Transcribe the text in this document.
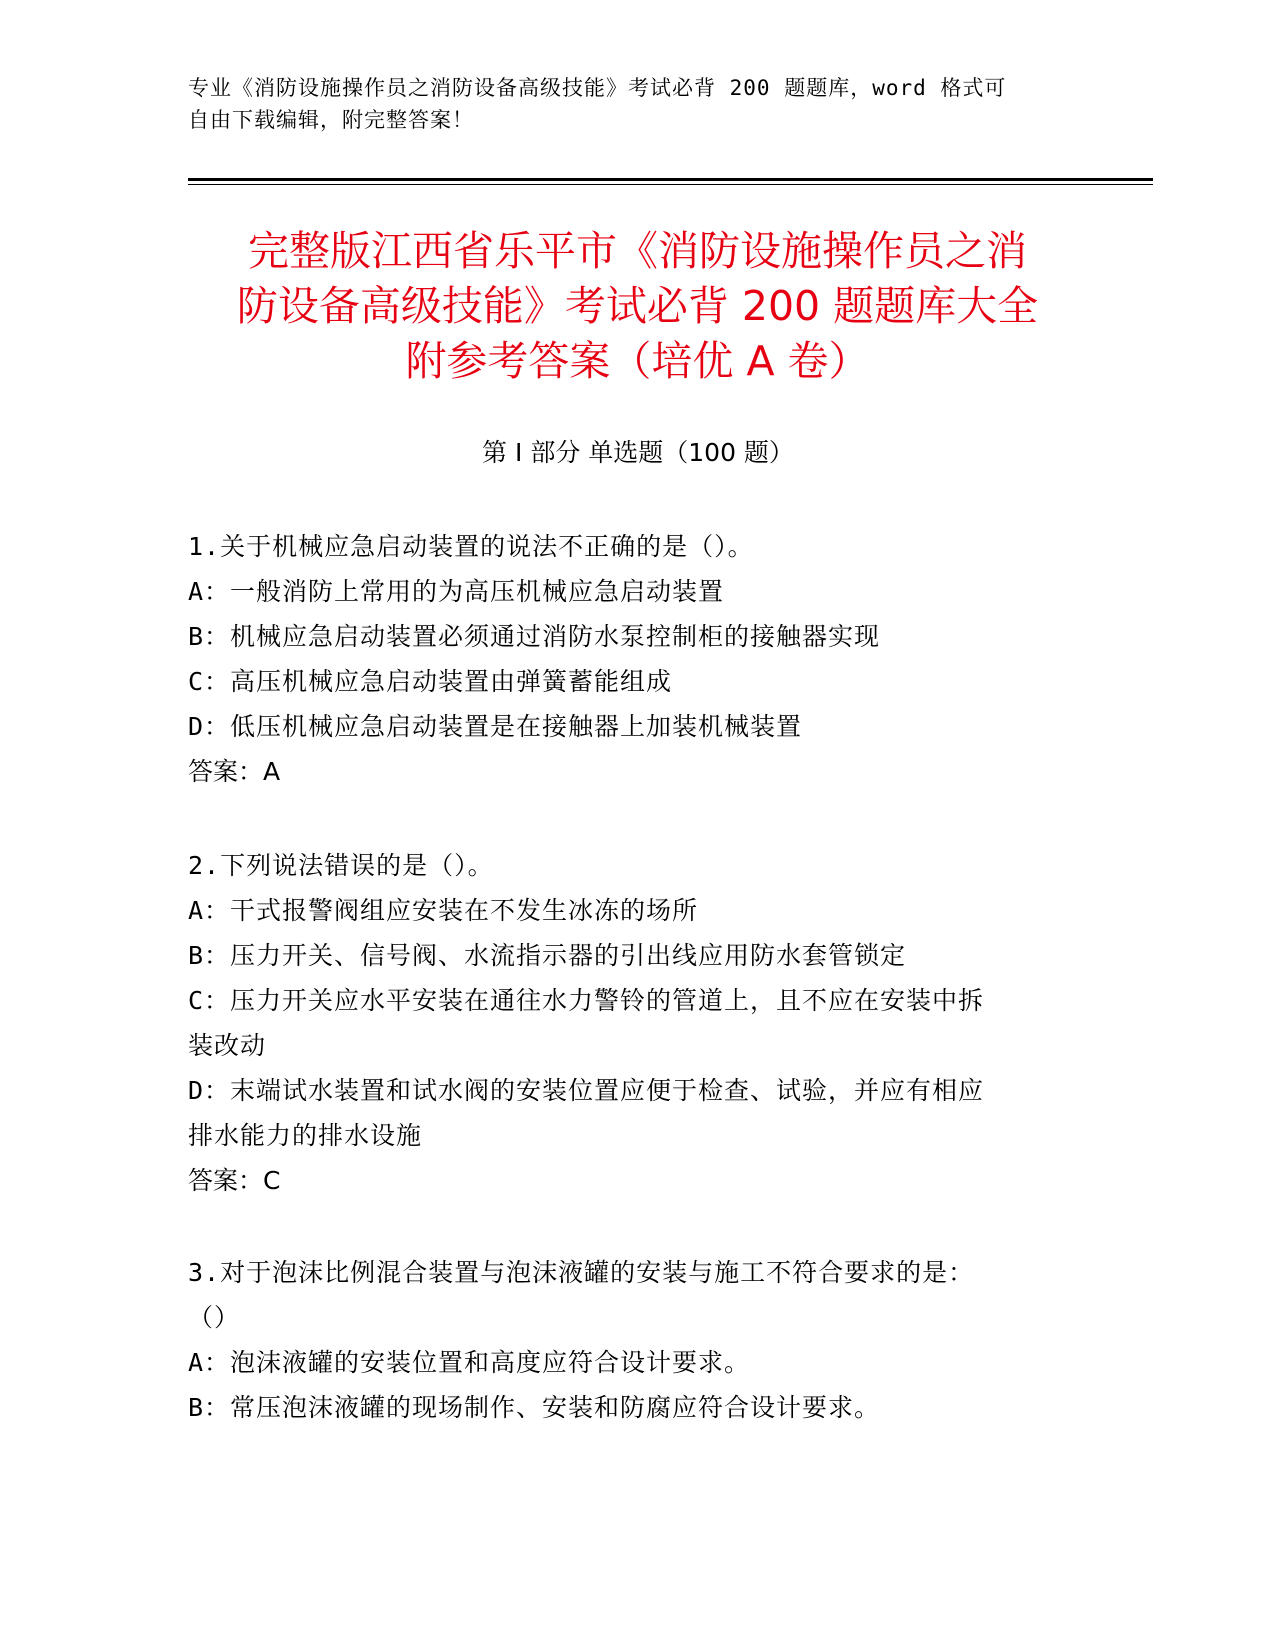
专业《消防设施操作员之消防设备高级技能》考试必背 200 题题库，word 格式可
自由下载编辑，附完整答案！
完整版江西省乐平市《消防设施操作员之消
防设备高级技能》考试必背 200 题题库大全
附参考答案（培优 A 卷）
第 I 部分 单选题（100 题）

1.关于机械应急启动装置的说法不正确的是（）。

A：一般消防上常用的为高压机械应急启动装置

B：机械应急启动装置必须通过消防水泵控制柜的接触器实现

C：高压机械应急启动装置由弹簧蓄能组成

D：低压机械应急启动装置是在接触器上加装机械装置

答案：A

2.下列说法错误的是（）。

A：干式报警阀组应安装在不发生冰冻的场所

B：压力开关、信号阀、水流指示器的引出线应用防水套管锁定

C：压力开关应水平安装在通往水力警铃的管道上，且不应在安装中拆

装改动

D：末端试水装置和试水阀的安装位置应便于检查、试验，并应有相应

排水能力的排水设施

答案：C

3.对于泡沫比例混合装置与泡沫液罐的安装与施工不符合要求的是：

（）

A：泡沫液罐的安装位置和高度应符合设计要求。

B：常压泡沫液罐的现场制作、安装和防腐应符合设计要求。
